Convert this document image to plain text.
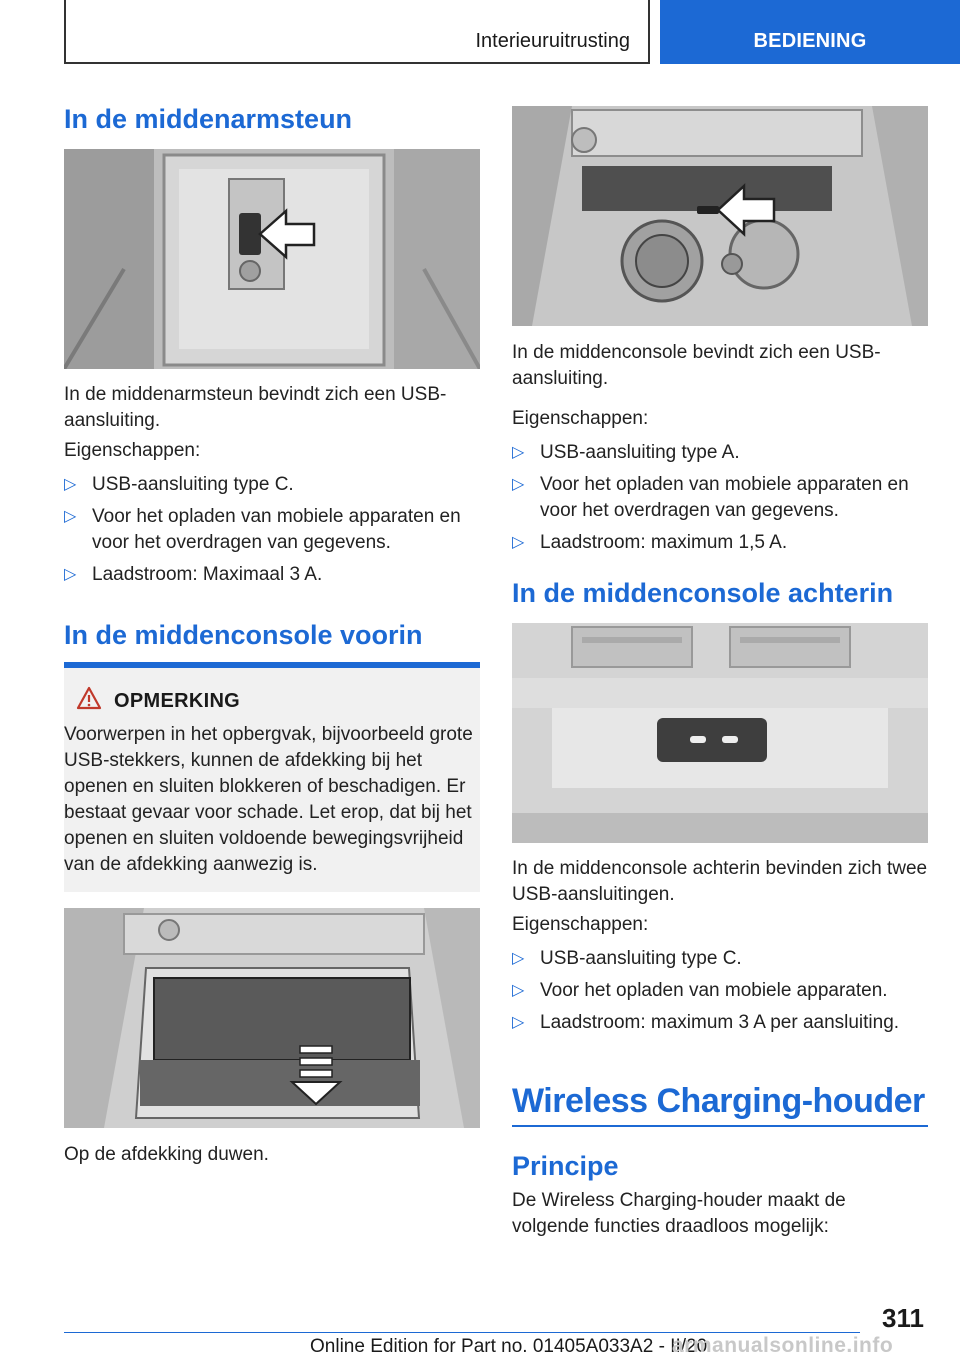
Interieuruitrusting	BEDIENING
In de middenarmsteun
In de middenarmsteun bevindt zich een USB-aansluiting.
Eigenschappen:
▷ USB-aansluiting type C.
▷ Voor het opladen van mobiele apparaten en voor het overdragen van gegevens.
▷ Laadstroom: Maximaal 3 A.
In de middenconsole voorin
OPMERKING
Voorwerpen in het opbergvak, bijvoorbeeld grote USB-stekkers, kunnen de afdekking bij het openen en sluiten blokkeren of beschadigen. Er bestaat gevaar voor schade. Let erop, dat bij het openen en sluiten voldoende bewegingsvrijheid van de afdekking aanwezig is.
Op de afdekking duwen.
In de middenconsole bevindt zich een USB-aansluiting.
Eigenschappen:
▷ USB-aansluiting type A.
▷ Voor het opladen van mobiele apparaten en voor het overdragen van gegevens.
▷ Laadstroom: maximum 1,5 A.
In de middenconsole achterin
In de middenconsole achterin bevinden zich twee USB-aansluitingen.
Eigenschappen:
▷ USB-aansluiting type C.
▷ Voor het opladen van mobiele apparaten.
▷ Laadstroom: maximum 3 A per aansluiting.
Wireless Charging-houder
Principe
De Wireless Charging-houder maakt de volgende functies draadloos mogelijk:
311
Online Edition for Part no. 01405A033A2 - II/20
armanualsonline.info
